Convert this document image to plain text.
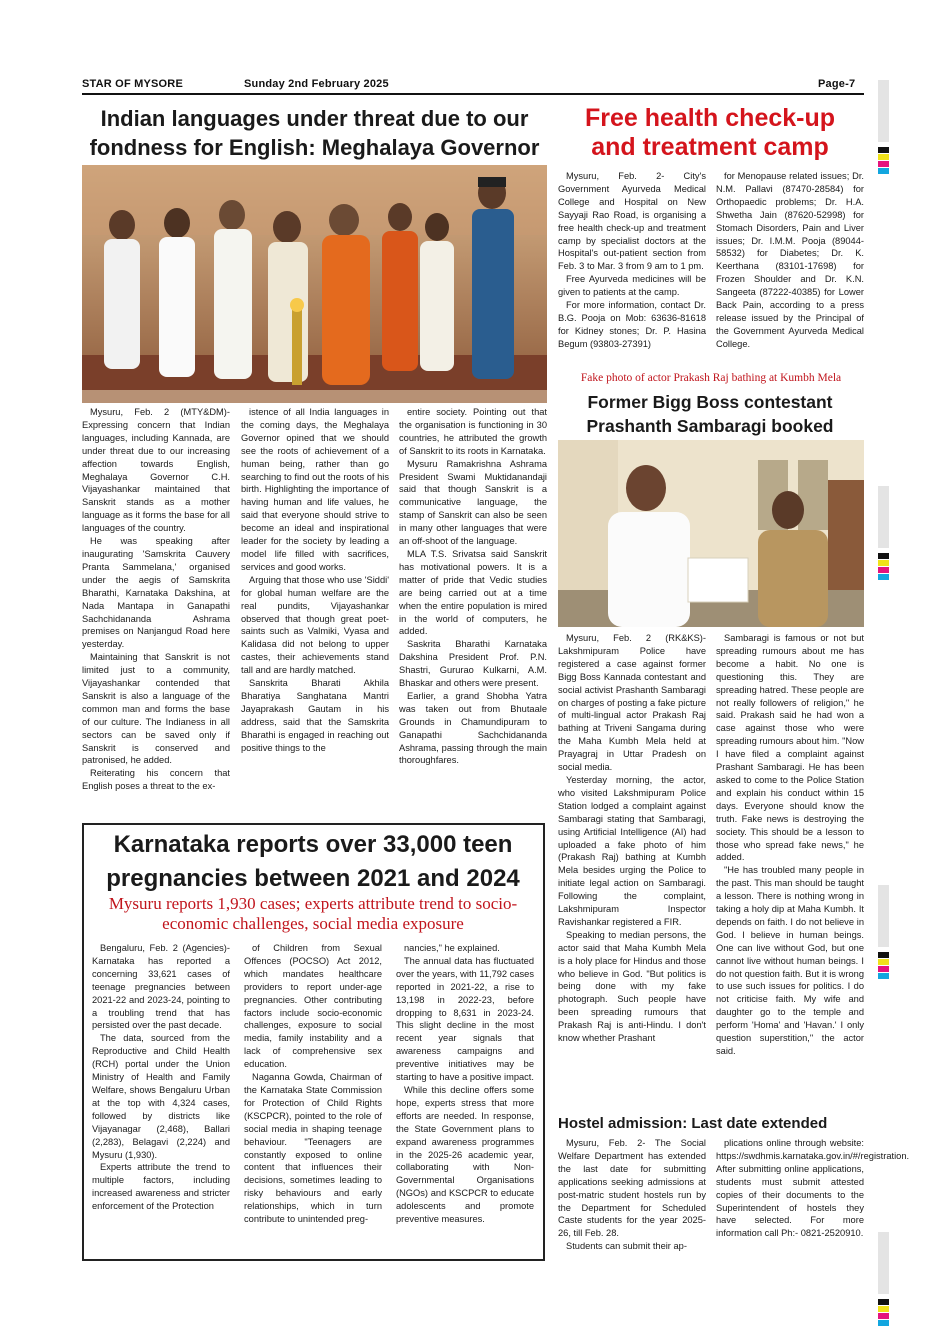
STAR OF MYSORE	Sunday 2nd February 2025	Page-7
Indian languages under threat due to our
fondness for English: Meghalaya Governor

Mysuru, Feb. 2 (MTY&DM)- Expressing concern that Indian languages, including Kannada, are under threat due to our increasing affection towards English, Meghalaya Governor C.H. Vijayashankar maintained that Sanskrit stands as a mother language as it forms the base for all languages of the country.

He was speaking after inaugurating 'Samskrita Cauvery Pranta Sammelana,' organised under the aegis of Samskrita Bharathi, Karnataka Dakshina, at Nada Mantapa in Ganapathi Sachchidananda Ashrama premises on Nanjangud Road here yesterday.

Maintaining that Sanskrit is not limited just to a community, Vijayashankar contended that Sanskrit is also a language of the common man and forms the base of our culture. The Indianess in all sectors can be saved only if Sanskrit is conserved and patronised, he added.

Reiterating his concern that English poses a threat to the ex-

istence of all India languages in the coming days, the Meghalaya Governor opined that we should see the roots of achievement of a human being, rather than go searching to find out the roots of his birth. Highlighting the importance of having human and life values, he said that everyone should strive to become an ideal and inspirational leader for the society by leading a model life filled with sacrifices, services and good works.

Arguing that those who use 'Siddi' for global human welfare are the real pundits, Vijayashankar observed that though great poet-saints such as Valmiki, Vyasa and Kalidasa did not belong to upper castes, their achievements stand tall and are hardly matched.

Sanskrita Bharati Akhila Bharatiya Sanghatana Mantri Jayaprakash Gautam in his address, said that the Samskrita Bharathi is engaged in reaching out positive things to the

entire society. Pointing out that the organisation is functioning in 30 countries, he attributed the growth of Sanskrit to its roots in Karnataka.

Mysuru Ramakrishna Ashrama President Swami Muktidanandaji said that though Sanskrit is a communicative language, the stamp of Sanskrit can also be seen in many other languages that were an off-shoot of the language.

MLA T.S. Srivatsa said Sanskrit has motivational powers. It is a matter of pride that Vedic studies are being carried out at a time when the entire population is mired in the world of computers, he added.

Saskrita Bharathi Karnataka Dakshina President Prof. P.N. Shastri, Gururao Kulkarni, A.M. Bhaskar and others were present.

Earlier, a grand Shobha Yatra was taken out from Bhutaale Grounds in Chamundipuram to Ganapathi Sachchidananda Ashrama, passing through the main thoroughfares.

Free health check-up
and treatment camp

Mysuru, Feb. 2- City's Government Ayurveda Medical College and Hospital on New Sayyaji Rao Road, is organising a free health check-up and treatment camp by specialist doctors at the Hospital's out-patient section from Feb. 3 to Mar. 3 from 9 am to 1 pm.

Free Ayurveda medicines will be given to patients at the camp.

For more information, contact Dr. B.G. Pooja on Mob: 63636-81618 for Kidney stones; Dr. P. Hasina Begum (93803-27391)

for Menopause related issues; Dr. N.M. Pallavi (87470-28584) for Orthopaedic problems; Dr. H.A. Shwetha Jain (87620-52998) for Stomach Disorders, Pain and Liver issues; Dr. I.M.M. Pooja (89044-58532) for Diabetes; Dr. K. Keerthana (83101-17698) for Frozen Shoulder and Dr. K.N. Sangeeta (87222-40385) for Lower Back Pain, according to a press release issued by the Principal of the Government Ayurveda Medical College.

Fake photo of actor Prakash Raj bathing at Kumbh Mela
Former Bigg Boss contestant
Prashanth Sambaragi booked

Mysuru, Feb. 2 (RK&KS)- Lakshmipuram Police have registered a case against former Bigg Boss Kannada contestant and social activist Prashanth Sambaragi on charges of posting a fake picture of multi-lingual actor Prakash Raj bathing at Triveni Sangama during the Maha Kumbh Mela held at Prayagraj in Uttar Pradesh on social media.

Yesterday morning, the actor, who visited Lakshmipuram Police Station lodged a complaint against Sambaragi stating that Sambaragi, using Artificial Intelligence (AI) had uploaded a fake photo of him (Prakash Raj) bathing at Kumbh Mela besides urging the Police to initiate legal action on Sambaragi. Following the complaint, Lakshmipuram Inspector Ravishankar registered a FIR.

Speaking to median persons, the actor said that Maha Kumbh Mela is a holy place for Hindus and those who believe in God. "But politics is being done with my fake photograph. Such people have been spreading rumours that Prakash Raj is anti-Hindu. I don't know whether Prashant

Sambaragi is famous or not but spreading rumours about me has become a habit. No one is questioning this. They are spreading hatred. These people are not really followers of religion," he said. Prakash said he had won a case against those who were spreading rumours about him. "Now I have filed a complaint against Prashant Sambaragi. He has been asked to come to the Police Station and explain his conduct within 15 days. Everyone should know the truth. Fake news is destroying the society. This should be a lesson to those who spread fake news," he added.

"He has troubled many people in the past. This man should be taught a lesson. There is nothing wrong in taking a holy dip at Maha Kumbh. It depends on faith. I do not believe in God. I believe in human beings. One can live without God, but one cannot live without human beings. I do not question faith. But it is wrong to use such issues for politics. I do not criticise faith. My wife and daughter go to the temple and perform 'Homa' and 'Havan.' I only question superstition," the actor said.

Karnataka reports over 33,000 teen
pregnancies between 2021 and 2024
Mysuru reports 1,930 cases; experts attribute trend to socio-economic challenges, social media exposure

Bengaluru, Feb. 2 (Agencies)- Karnataka has reported a concerning 33,621 cases of teenage pregnancies between 2021-22 and 2023-24, pointing to a troubling trend that has persisted over the past decade.

The data, sourced from the Reproductive and Child Health (RCH) portal under the Union Ministry of Health and Family Welfare, shows Bengaluru Urban at the top with 4,324 cases, followed by districts like Vijayanagar (2,468), Ballari (2,283), Belagavi (2,224) and Mysuru (1,930).

Experts attribute the trend to multiple factors, including increased awareness and stricter enforcement of the Protection

of Children from Sexual Offences (POCSO) Act 2012, which mandates healthcare providers to report under-age pregnancies. Other contributing factors include socio-economic challenges, exposure to social media, family instability and a lack of comprehensive sex education.

Naganna Gowda, Chairman of the Karnataka State Commission for Protection of Child Rights (KSCPCR), pointed to the role of social media in shaping teenage behaviour. "Teenagers are constantly exposed to online content that influences their decisions, sometimes leading to risky behaviours and early relationships, which in turn contribute to unintended preg-

nancies," he explained.

The annual data has fluctuated over the years, with 11,792 cases reported in 2021-22, a rise to 13,198 in 2022-23, before dropping to 8,631 in 2023-24. This slight decline in the most recent year signals that awareness campaigns and preventive initiatives may be starting to have a positive impact.

While this decline offers some hope, experts stress that more efforts are needed. In response, the State Government plans to expand awareness programmes in the 2025-26 academic year, collaborating with Non-Governmental Organisations (NGOs) and KSCPCR to educate adolescents and promote preventive measures.

Hostel admission: Last date extended

Mysuru, Feb. 2- The Social Welfare Department has extended the last date for submitting applications seeking admissions at post-matric student hostels run by the Department for Scheduled Caste students for the year 2025-26, till Feb. 28.

Students can submit their ap-

plications online through website: https://swdhmis.karnataka.gov.in/#/registration. After submitting online applications, students must submit attested copies of their documents to the Superintendent of hostels they have selected. For more information call Ph:- 0821-2520910.
